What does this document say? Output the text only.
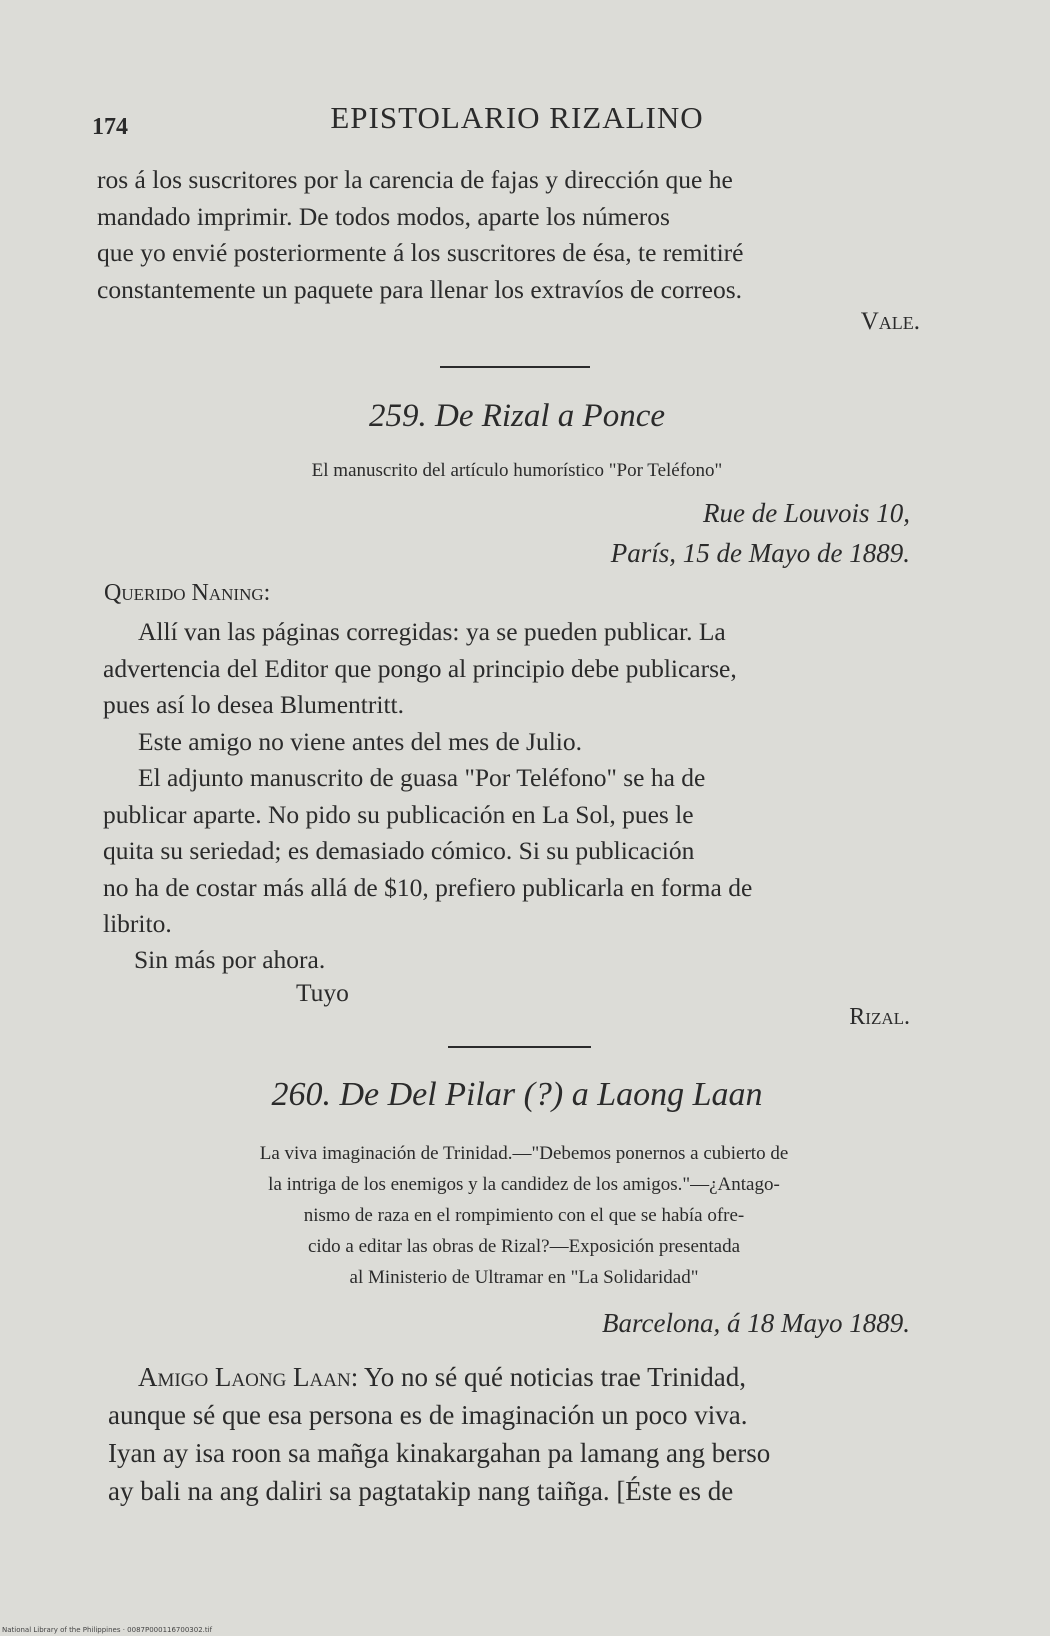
174	EPISTOLARIO RIZALINO
ros á los suscritores por la carencia de fajas y dirección que he
mandado imprimir. De todos modos, aparte los números
que yo envié posteriormente á los suscritores de ésa, te remitiré
constantemente un paquete para llenar los extravíos de correos.
Vale.
259. De Rizal a Ponce
El manuscrito del artículo humorístico "Por Teléfono"
Rue de Louvois 10,
París, 15 de Mayo de 1889.
Querido Naning:
Allí van las páginas corregidas: ya se pueden publicar. La
advertencia del Editor que pongo al principio debe publicarse,
pues así lo desea Blumentritt.
Este amigo no viene antes del mes de Julio.
El adjunto manuscrito de guasa "Por Teléfono" se ha de
publicar aparte. No pido su publicación en La Sol, pues le
quita su seriedad; es demasiado cómico. Si su publicación
no ha de costar más allá de $10, prefiero publicarla en forma de
librito.
Sin más por ahora.
Tuyo
Rizal.
260. De Del Pilar (?) a Laong Laan
La viva imaginación de Trinidad.—"Debemos ponernos a cubierto de
la intriga de los enemigos y la candidez de los amigos."—¿Antago-
nismo de raza en el rompimiento con el que se había ofre-
cido a editar las obras de Rizal?—Exposición presentada
al Ministerio de Ultramar en "La Solidaridad"
Barcelona, á 18 Mayo 1889.
Amigo Laong Laan: Yo no sé qué noticias trae Trinidad,
aunque sé que esa persona es de imaginación un poco viva.
Iyan ay isa roon sa mañga kinakargahan pa lamang ang berso
ay bali na ang daliri sa pagtatakip nang taiñga. [Éste es de
National Library of the Philippines · 0087P000116700302.tif
